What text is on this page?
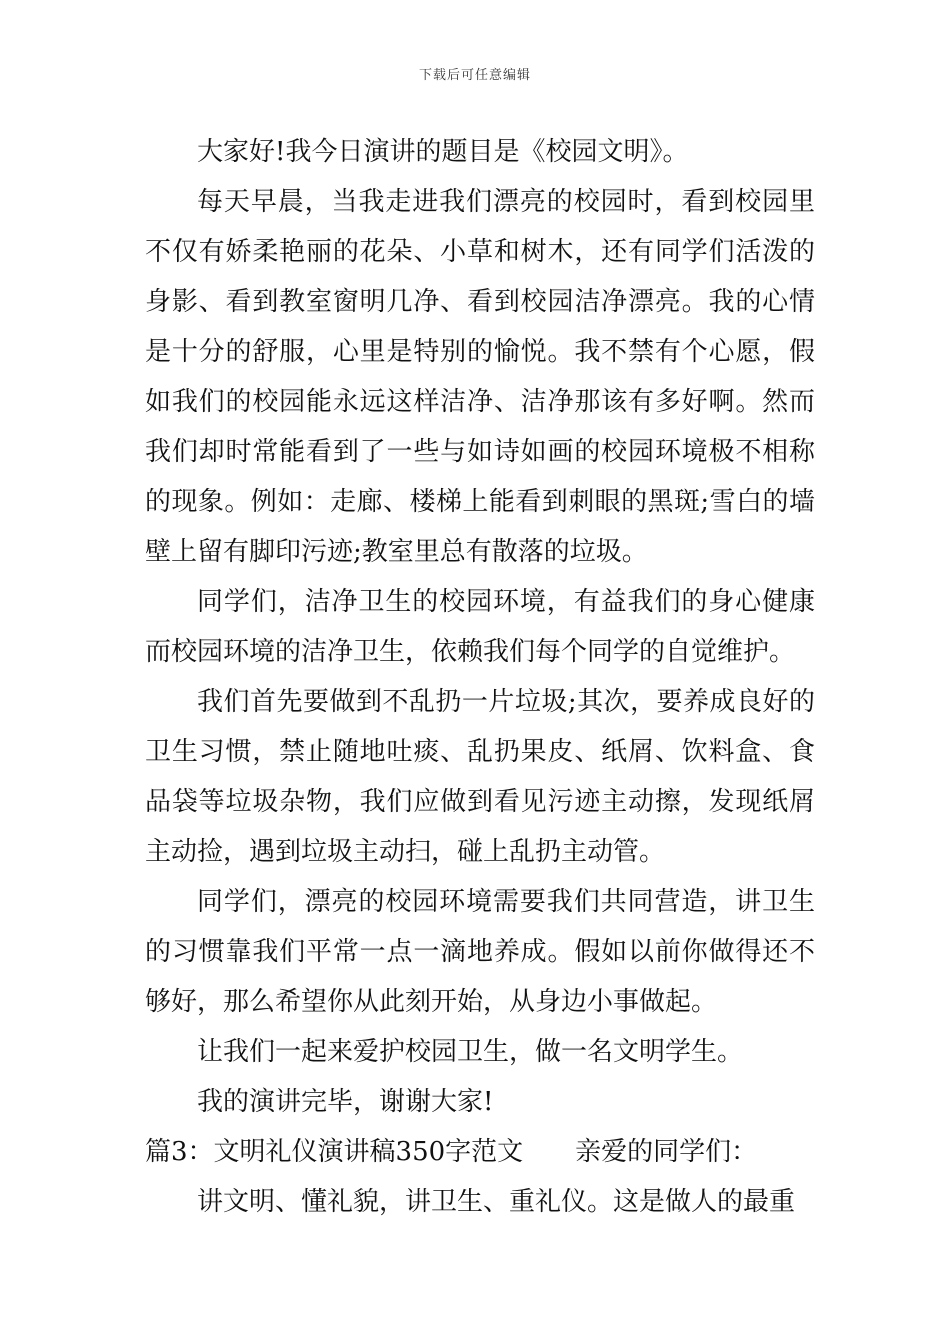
下载后可任意编辑

大家好!我今日演讲的题目是《校园文明》。

每天早晨，当我走进我们漂亮的校园时，看到校园里不仅有娇柔艳丽的花朵、小草和树木，还有同学们活泼的身影、看到教室窗明几净、看到校园洁净漂亮。我的心情是十分的舒服，心里是特别的愉悦。我不禁有个心愿，假如我们的校园能永远这样洁净、洁净那该有多好啊。然而我们却时常能看到了一些与如诗如画的校园环境极不相称的现象。例如：走廊、楼梯上能看到刺眼的黑斑;雪白的墙壁上留有脚印污迹;教室里总有散落的垃圾。

同学们，洁净卫生的校园环境，有益我们的身心健康而校园环境的洁净卫生，依赖我们每个同学的自觉维护。

我们首先要做到不乱扔一片垃圾;其次，要养成良好的卫生习惯，禁止随地吐痰、乱扔果皮、纸屑、饮料盒、食品袋等垃圾杂物，我们应做到看见污迹主动擦，发现纸屑主动捡，遇到垃圾主动扫，碰上乱扔主动管。

同学们，漂亮的校园环境需要我们共同营造，讲卫生的习惯靠我们平常一点一滴地养成。假如以前你做得还不够好，那么希望你从此刻开始，从身边小事做起。

让我们一起来爱护校园卫生，做一名文明学生。

我的演讲完毕，谢谢大家!

篇3：文明礼仪演讲稿350字范文 亲爱的同学们：

讲文明、懂礼貌，讲卫生、重礼仪。这是做人的最重
